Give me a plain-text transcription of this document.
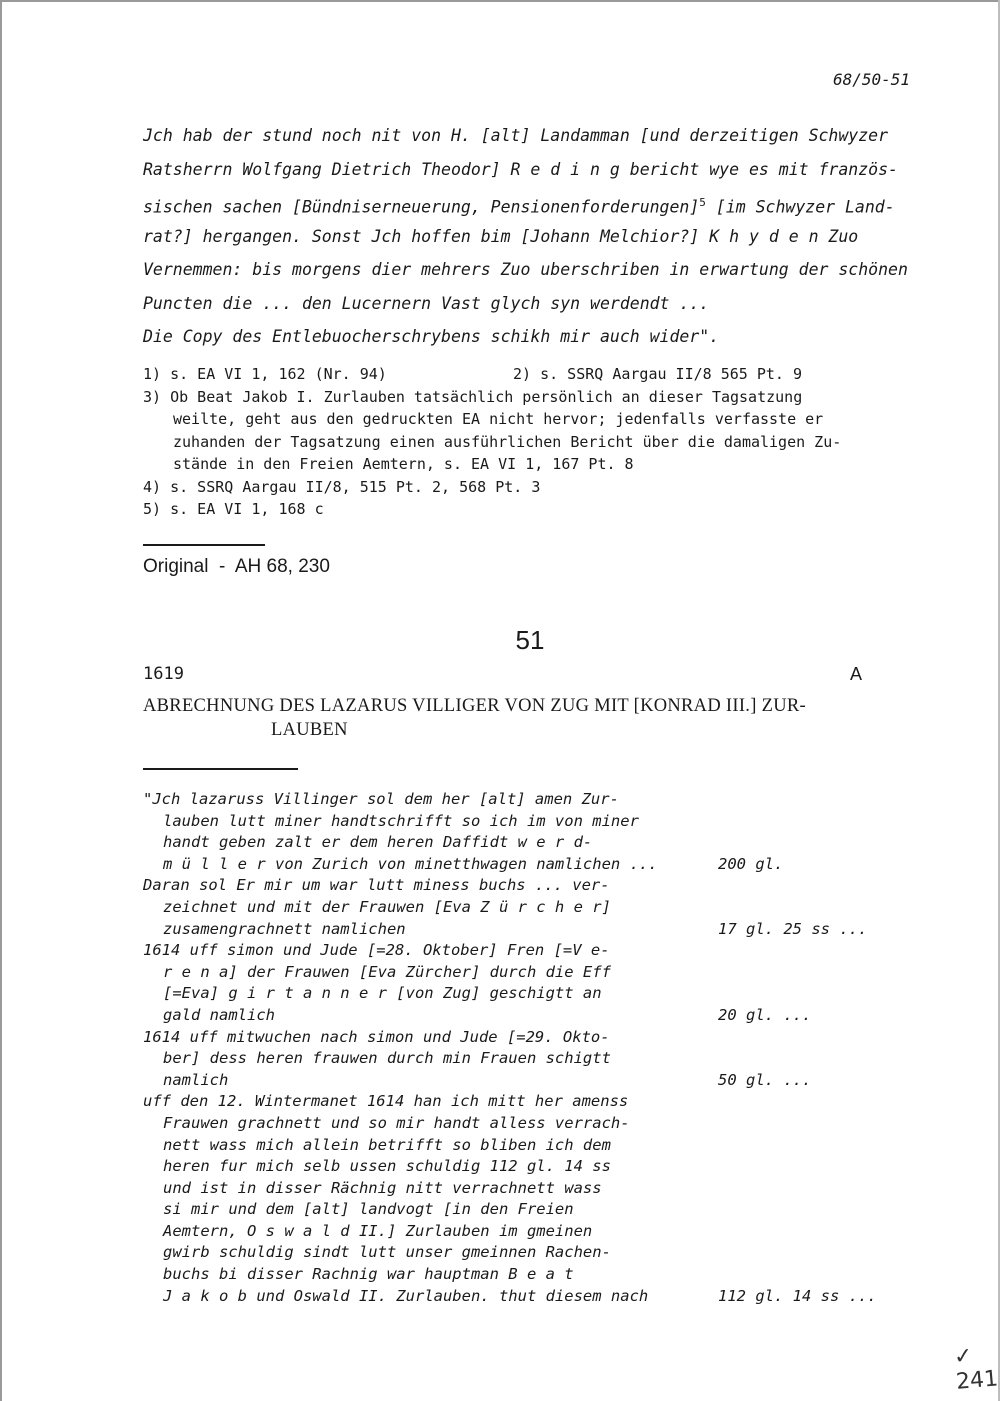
68/50-51
Jch hab der stund noch nit von H. [alt] Landamman [und derzeitigen Schwyzer
Ratsherrn Wolfgang Dietrich Theodor] R e d i n g bericht wye es mit französ-
sischen sachen [Bündniserneuerung, Pensionenforderungen]$^5$ [im Schwyzer Land-
rat?] hergangen. Sonst Jch hoffen bim [Johann Melchior?] K h y d e n Zuo
Vernemmen: bis morgens dier mehrers Zuo uberschriben in erwartung der schönen
Puncten die ... den Lucernern Vast glych syn werdendt ...
Die Copy des Entlebuocherschrybens schikh mir auch wider".
1) s. EA VI 1, 162 (Nr. 94)	2) s. SSRQ Aargau II/8 565 Pt. 9
3) Ob Beat Jakob I. Zurlauben tatsächlich persönlich an dieser Tagsatzung
weilte, geht aus den gedruckten EA nicht hervor; jedenfalls verfasste er
zuhanden der Tagsatzung einen ausführlichen Bericht über die damaligen Zu-
stände in den Freien Aemtern, s. EA VI 1, 167 Pt. 8
4) s. SSRQ Aargau II/8, 515 Pt. 2, 568 Pt. 3
5) s. EA VI 1, 168 c
Original  -  AH 68, 230
51
1619	A
ABRECHNUNG DES LAZARUS VILLIGER VON ZUG MIT [KONRAD III.] ZUR-
LAUBEN
"Jch lazaruss Villinger sol dem her [alt] amen Zur-
lauben lutt miner handtschrifft so ich im von miner
handt geben zalt er dem heren Daffidt w e r d-
m ü l l e r von Zurich von minetthwagen namlichen ...	200 gl.
Daran sol Er mir um war lutt miness buchs ... ver-
zeichnet und mit der Frauwen [Eva Z ü r c h e r]
zusamengrachnett namlichen	17 gl. 25 ss ...
1614 uff simon und Jude [=28. Oktober] Fren [=V e-
r e n a] der Frauwen [Eva Zürcher] durch die Eff
[=Eva] g i r t a n n e r [von Zug] geschigtt an
gald namlich	20 gl. ...
1614 uff mitwuchen nach simon und Jude [=29. Okto-
ber] dess heren frauwen durch min Frauen schigtt
namlich	50 gl. ...
uff den 12. Wintermanet 1614 han ich mitt her amenss
Frauwen grachnett und so mir handt alless verrach-
nett wass mich allein betrifft so bliben ich dem
heren fur mich selb ussen schuldig 112 gl. 14 ss
und ist in disser Rächnig nitt verrachnett wass
si mir und dem [alt] landvogt [in den Freien
Aemtern, O s w a l d II.] Zurlauben im gmeinen
gwirb schuldig sindt lutt unser gmeinnen Rachen-
buchs bi disser Rachnig war hauptman B e a t
J a k o b und Oswald II. Zurlauben. thut diesem nach	112 gl. 14 ss ...
✓ 241
